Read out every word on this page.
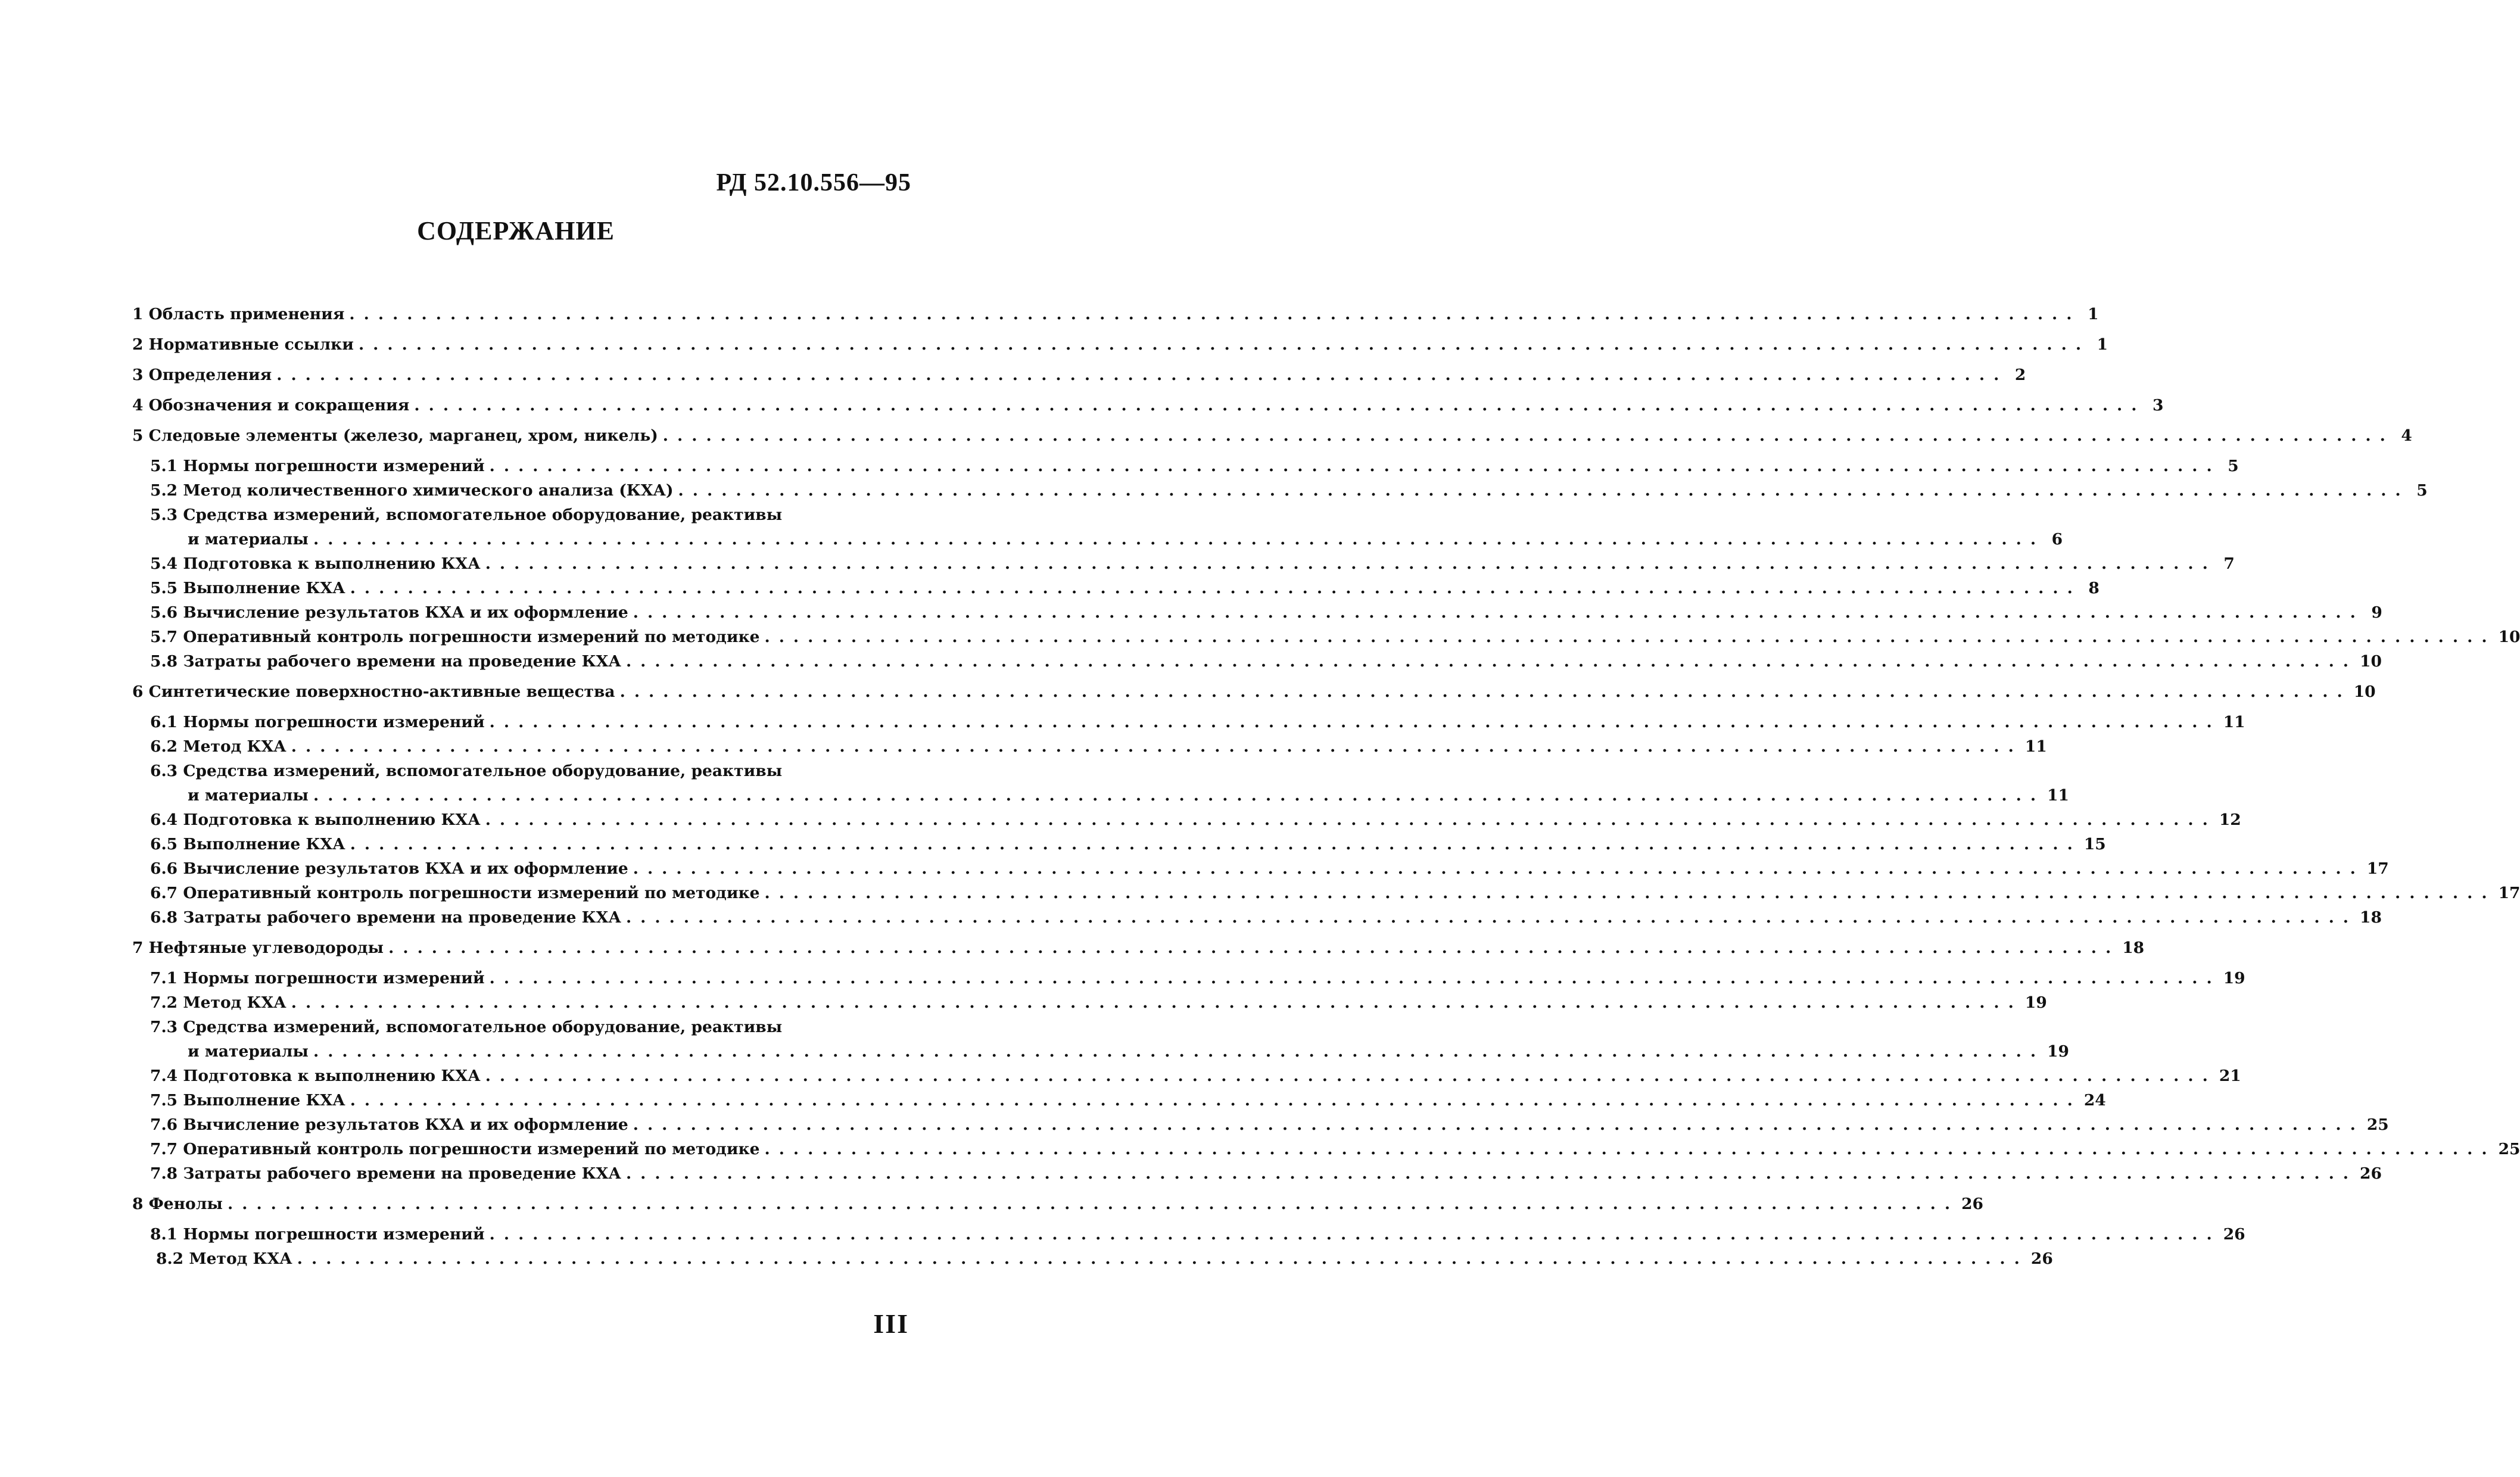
РД 52.10.556—95
СОДЕРЖАНИЕ
1 Область применения ........................................................................................................................ 1
2 Нормативные ссылки ........................................................................................................................ 1
3 Определения ........................................................................................................................ 2
4 Обозначения и сокращения ........................................................................................................................ 3
5 Следовые элементы (железо, марганец, хром, никель) ........................................................................................................................ 4
5.1 Нормы погрешности измерений ........................................................................................................................ 5
5.2 Метод количественного химического анализа (КХА) ........................................................................................................................ 5
5.3 Средства измерений, вспомогательное оборудование, реактивы
и материалы ........................................................................................................................ 6
5.4 Подготовка к выполнению КХА ........................................................................................................................ 7
5.5 Выполнение КХА ........................................................................................................................ 8
5.6 Вычисление результатов КХА и их оформление ........................................................................................................................ 9
5.7 Оперативный контроль погрешности измерений по методике ........................................................................................................................ 10
5.8 Затраты рабочего времени на проведение КХА ........................................................................................................................ 10
6 Синтетические поверхностно-активные вещества ........................................................................................................................ 10
6.1 Нормы погрешности измерений ........................................................................................................................ 11
6.2 Метод КХА ........................................................................................................................ 11
6.3 Средства измерений, вспомогательное оборудование, реактивы
и материалы ........................................................................................................................ 11
6.4 Подготовка к выполнению КХА ........................................................................................................................ 12
6.5 Выполнение КХА ........................................................................................................................ 15
6.6 Вычисление результатов КХА и их оформление ........................................................................................................................ 17
6.7 Оперативный контроль погрешности измерений по методике ........................................................................................................................ 17
6.8 Затраты рабочего времени на проведение КХА ........................................................................................................................ 18
7 Нефтяные углеводороды ........................................................................................................................ 18
7.1 Нормы погрешности измерений ........................................................................................................................ 19
7.2 Метод КХА ........................................................................................................................ 19
7.3 Средства измерений, вспомогательное оборудование, реактивы
и материалы ........................................................................................................................ 19
7.4 Подготовка к выполнению КХА ........................................................................................................................ 21
7.5 Выполнение КХА ........................................................................................................................ 24
7.6 Вычисление результатов КХА и их оформление ........................................................................................................................ 25
7.7 Оперативный контроль погрешности измерений по методике ........................................................................................................................ 25
7.8 Затраты рабочего времени на проведение КХА ........................................................................................................................ 26
8 Фенолы ........................................................................................................................ 26
8.1 Нормы погрешности измерений ........................................................................................................................ 26
8.2 Метод КХА ........................................................................................................................ 26
III
